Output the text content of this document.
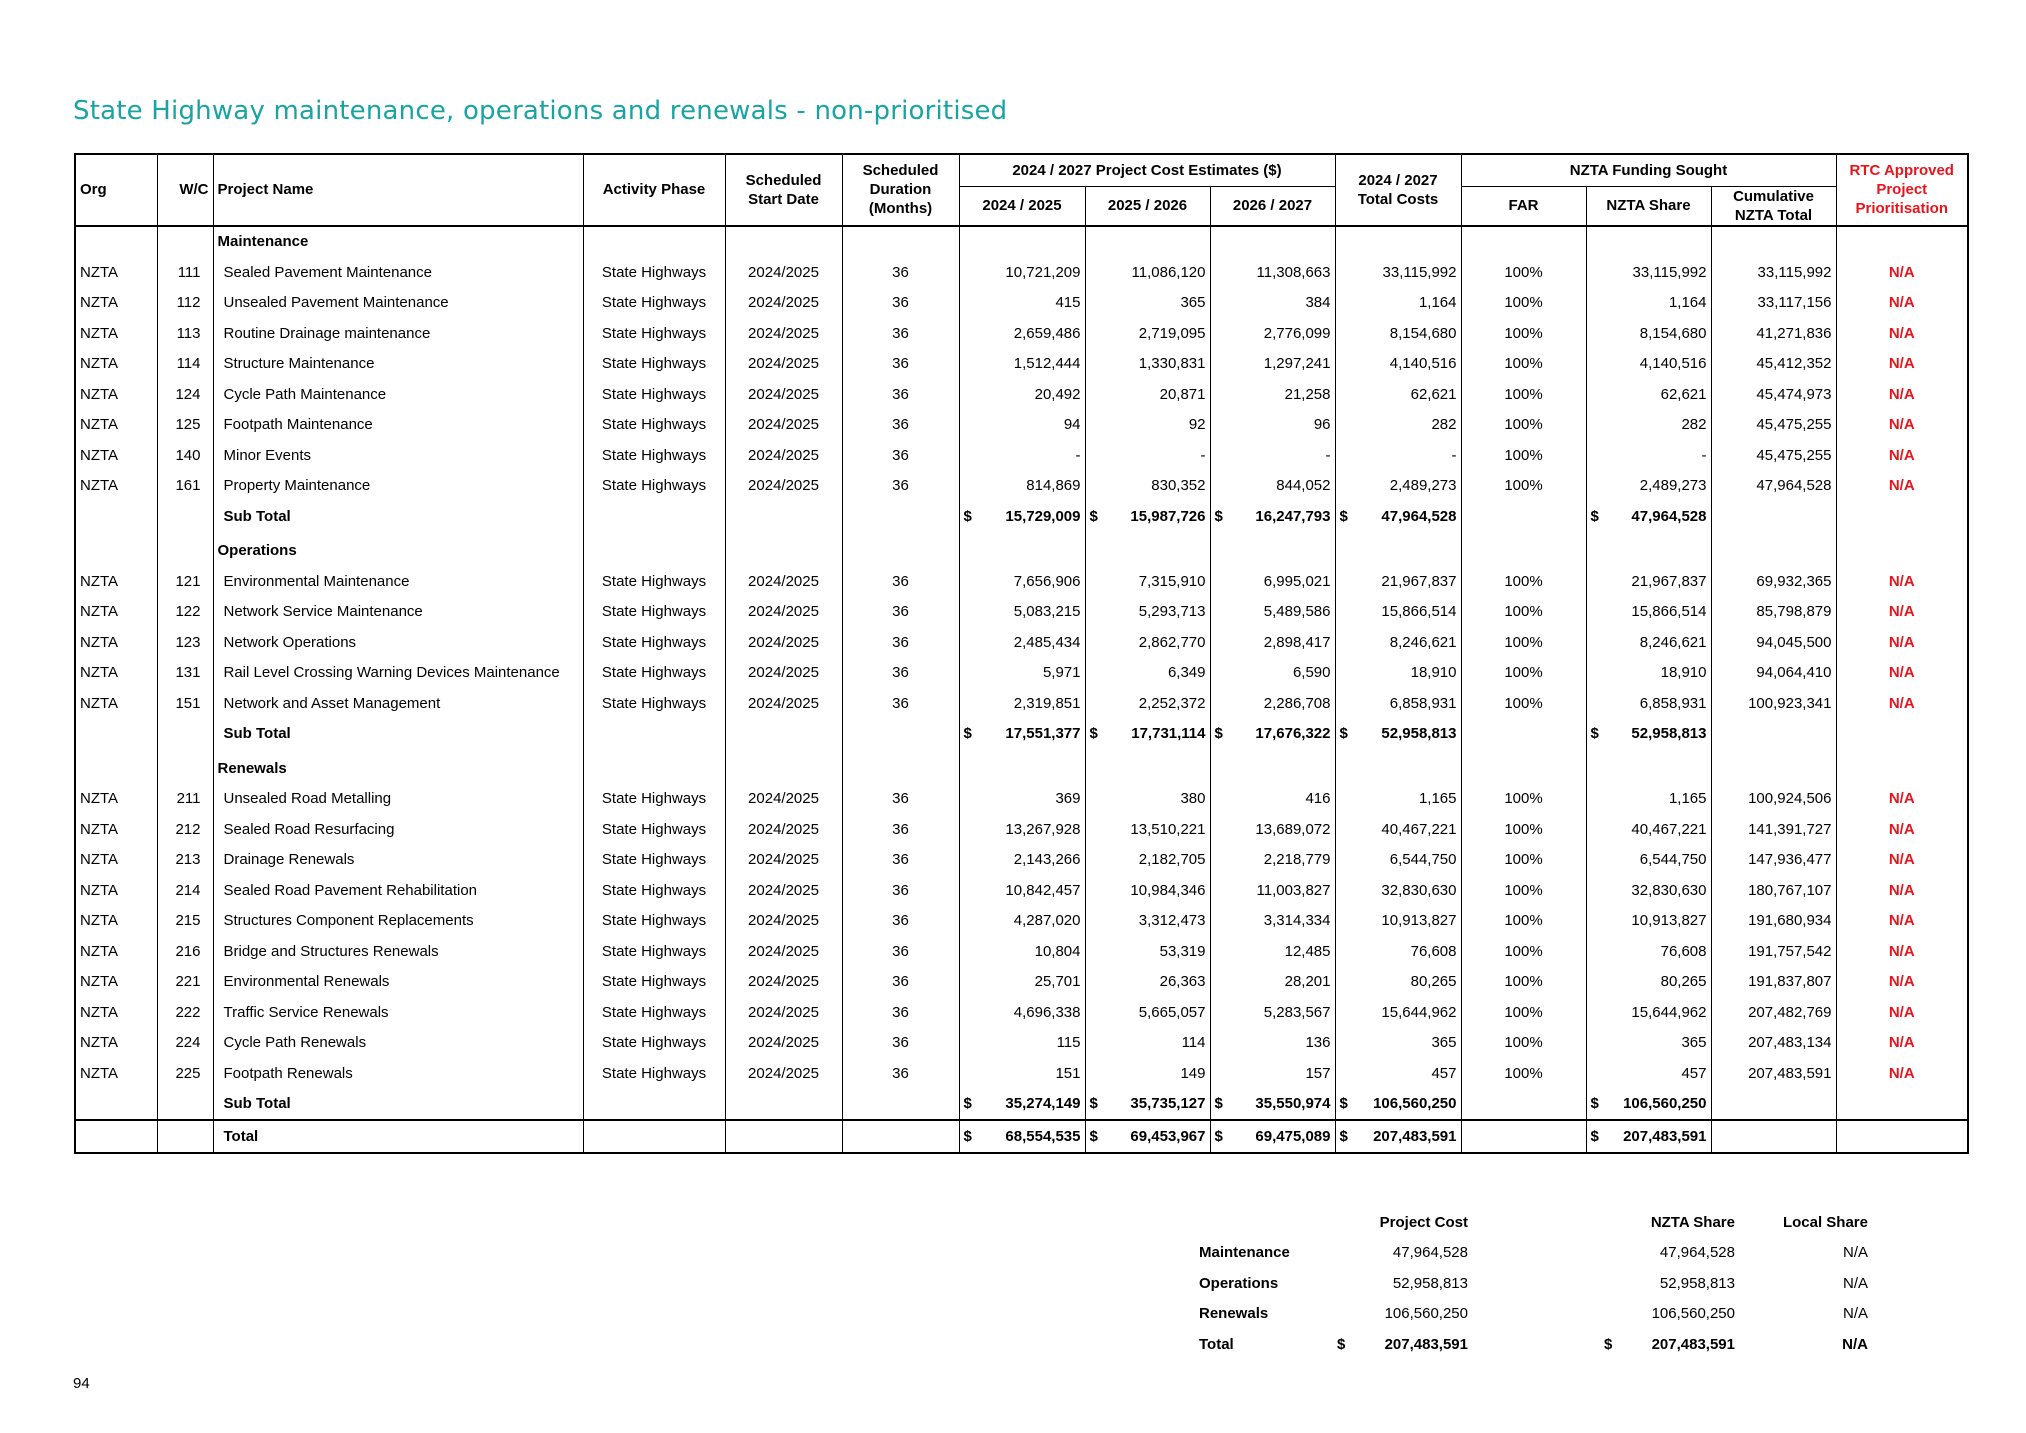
State Highway maintenance, operations and renewals - non-prioritised
Org	W/C	Project Name	Activity Phase	Scheduled Start Date	Scheduled Duration (Months)	2024 / 2027 Project Cost Estimates ($)			2024 / 2027 Total Costs	NZTA Funding Sought			RTC Approved Project Prioritisation
						2024 / 2025	2025 / 2026	2026 / 2027		FAR	NZTA Share	Cumulative NZTA Total	
		Maintenance											
NZTA	111	Sealed Pavement Maintenance	State Highways	2024/2025	36	10,721,209	11,086,120	11,308,663	33,115,992	100%	33,115,992	33,115,992	N/A
NZTA	112	Unsealed Pavement Maintenance	State Highways	2024/2025	36	415	365	384	1,164	100%	1,164	33,117,156	N/A
NZTA	113	Routine Drainage maintenance	State Highways	2024/2025	36	2,659,486	2,719,095	2,776,099	8,154,680	100%	8,154,680	41,271,836	N/A
NZTA	114	Structure Maintenance	State Highways	2024/2025	36	1,512,444	1,330,831	1,297,241	4,140,516	100%	4,140,516	45,412,352	N/A
NZTA	124	Cycle Path Maintenance	State Highways	2024/2025	36	20,492	20,871	21,258	62,621	100%	62,621	45,474,973	N/A
NZTA	125	Footpath Maintenance	State Highways	2024/2025	36	94	92	96	282	100%	282	45,475,255	N/A
NZTA	140	Minor Events	State Highways	2024/2025	36	-	-	-	-	100%	-	45,475,255	N/A
NZTA	161	Property Maintenance	State Highways	2024/2025	36	814,869	830,352	844,052	2,489,273	100%	2,489,273	47,964,528	N/A
		Sub Total				$ 15,729,009	$ 15,987,726	$ 16,247,793	$ 47,964,528		$ 47,964,528		
		Operations											
NZTA	121	Environmental Maintenance	State Highways	2024/2025	36	7,656,906	7,315,910	6,995,021	21,967,837	100%	21,967,837	69,932,365	N/A
NZTA	122	Network Service Maintenance	State Highways	2024/2025	36	5,083,215	5,293,713	5,489,586	15,866,514	100%	15,866,514	85,798,879	N/A
NZTA	123	Network Operations	State Highways	2024/2025	36	2,485,434	2,862,770	2,898,417	8,246,621	100%	8,246,621	94,045,500	N/A
NZTA	131	Rail Level Crossing Warning Devices Maintenance	State Highways	2024/2025	36	5,971	6,349	6,590	18,910	100%	18,910	94,064,410	N/A
NZTA	151	Network and Asset Management	State Highways	2024/2025	36	2,319,851	2,252,372	2,286,708	6,858,931	100%	6,858,931	100,923,341	N/A
		Sub Total				$ 17,551,377	$ 17,731,114	$ 17,676,322	$ 52,958,813		$ 52,958,813		
		Renewals											
NZTA	211	Unsealed Road Metalling	State Highways	2024/2025	36	369	380	416	1,165	100%	1,165	100,924,506	N/A
NZTA	212	Sealed Road Resurfacing	State Highways	2024/2025	36	13,267,928	13,510,221	13,689,072	40,467,221	100%	40,467,221	141,391,727	N/A
NZTA	213	Drainage Renewals	State Highways	2024/2025	36	2,143,266	2,182,705	2,218,779	6,544,750	100%	6,544,750	147,936,477	N/A
NZTA	214	Sealed Road Pavement Rehabilitation	State Highways	2024/2025	36	10,842,457	10,984,346	11,003,827	32,830,630	100%	32,830,630	180,767,107	N/A
NZTA	215	Structures Component Replacements	State Highways	2024/2025	36	4,287,020	3,312,473	3,314,334	10,913,827	100%	10,913,827	191,680,934	N/A
NZTA	216	Bridge and Structures Renewals	State Highways	2024/2025	36	10,804	53,319	12,485	76,608	100%	76,608	191,757,542	N/A
NZTA	221	Environmental Renewals	State Highways	2024/2025	36	25,701	26,363	28,201	80,265	100%	80,265	191,837,807	N/A
NZTA	222	Traffic Service Renewals	State Highways	2024/2025	36	4,696,338	5,665,057	5,283,567	15,644,962	100%	15,644,962	207,482,769	N/A
NZTA	224	Cycle Path Renewals	State Highways	2024/2025	36	115	114	136	365	100%	365	207,483,134	N/A
NZTA	225	Footpath Renewals	State Highways	2024/2025	36	151	149	157	457	100%	457	207,483,591	N/A
		Sub Total				$ 35,274,149	$ 35,735,127	$ 35,550,974	$ 106,560,250		$ 106,560,250		
		Total				$ 68,554,535	$ 69,453,967	$ 69,475,089	$ 207,483,591		$ 207,483,591		
	Project Cost		NZTA Share	Local Share
Maintenance	47,964,528		47,964,528	N/A
Operations	52,958,813		52,958,813	N/A
Renewals	106,560,250		106,560,250	N/A
Total	$ 207,483,591		$ 207,483,591	N/A
94
